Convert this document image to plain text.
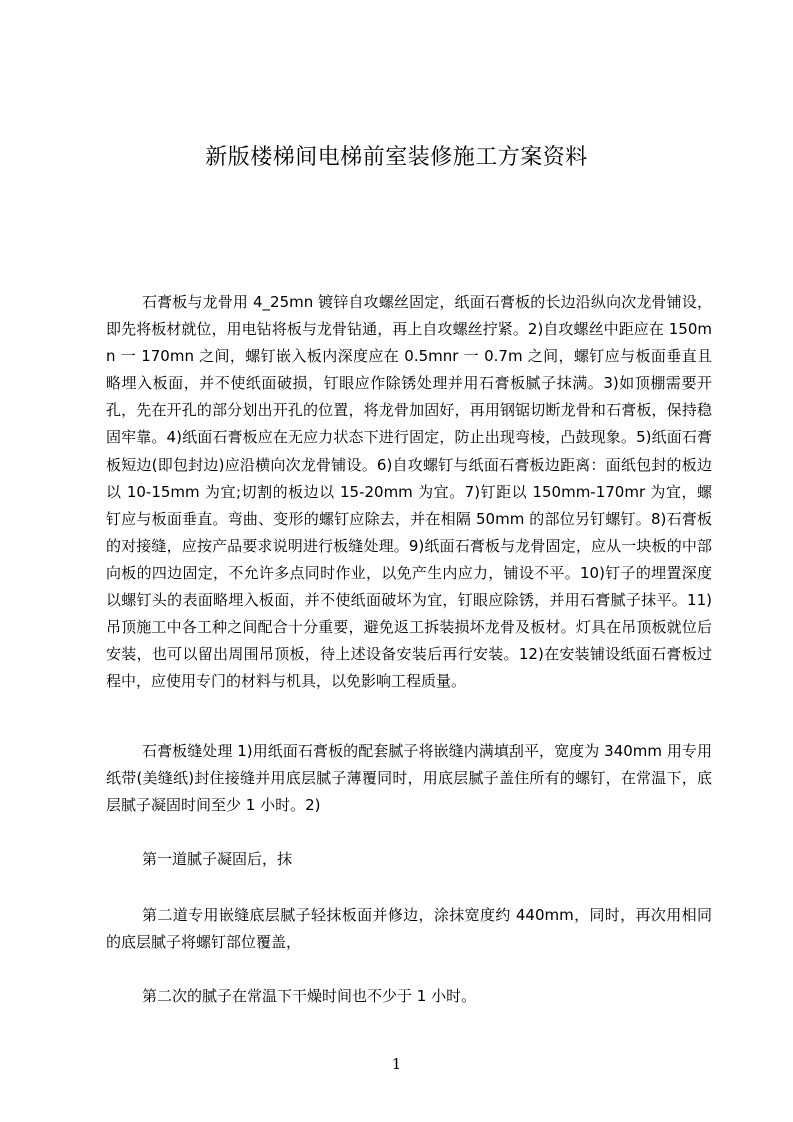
新版楼梯间电梯前室装修施工方案资料

石膏板与龙骨用 4_25mn 镀锌自攻螺丝固定，纸面石膏板的长边沿纵向次龙骨铺设，即先将板材就位，用电钻将板与龙骨钻通，再上自攻螺丝拧紧。2)自攻螺丝中距应在 150mn 一 170mn 之间，螺钉嵌入板内深度应在 0.5mnr 一 0.7m 之间，螺钉应与板面垂直且略埋入板面，并不使纸面破损，钉眼应作除锈处理并用石膏板腻子抹满。3)如顶棚需要开孔，先在开孔的部分划出开孔的位置，将龙骨加固好，再用钢锯切断龙骨和石膏板，保持稳固牢靠。4)纸面石膏板应在无应力状态下进行固定，防止出现弯棱，凸鼓现象。5)纸面石膏板短边(即包封边)应沿横向次龙骨铺设。6)自攻螺钉与纸面石膏板边距离：面纸包封的板边以 10-15mm 为宜;切割的板边以 15-20mm 为宜。7)钉距以 150mm-170mr 为宜，螺钉应与板面垂直。弯曲、变形的螺钉应除去，并在相隔 50mm 的部位另钉螺钉。8)石膏板的对接缝，应按产品要求说明进行板缝处理。9)纸面石膏板与龙骨固定，应从一块板的中部向板的四边固定，不允许多点同时作业，以免产生内应力，铺设不平。10)钉子的埋置深度以螺钉头的表面略埋入板面，并不使纸面破坏为宜，钉眼应除锈，并用石膏腻子抹平。11)吊顶施工中各工种之间配合十分重要，避免返工拆装损坏龙骨及板材。灯具在吊顶板就位后安装，也可以留出周围吊顶板，待上述设备安装后再行安装。12)在安装铺设纸面石膏板过程中，应使用专门的材料与机具，以免影响工程质量。

石膏板缝处理 1)用纸面石膏板的配套腻子将嵌缝内满填刮平，宽度为 340mm 用专用纸带(美缝纸)封住接缝并用底层腻子薄覆同时，用底层腻子盖住所有的螺钉，在常温下，底层腻子凝固时间至少 1 小时。2)

第一道腻子凝固后，抹

第二道专用嵌缝底层腻子轻抹板面并修边，涂抹宽度约 440mm，同时，再次用相同的底层腻子将螺钉部位覆盖，

第二次的腻子在常温下干燥时间也不少于 1 小时。

1
